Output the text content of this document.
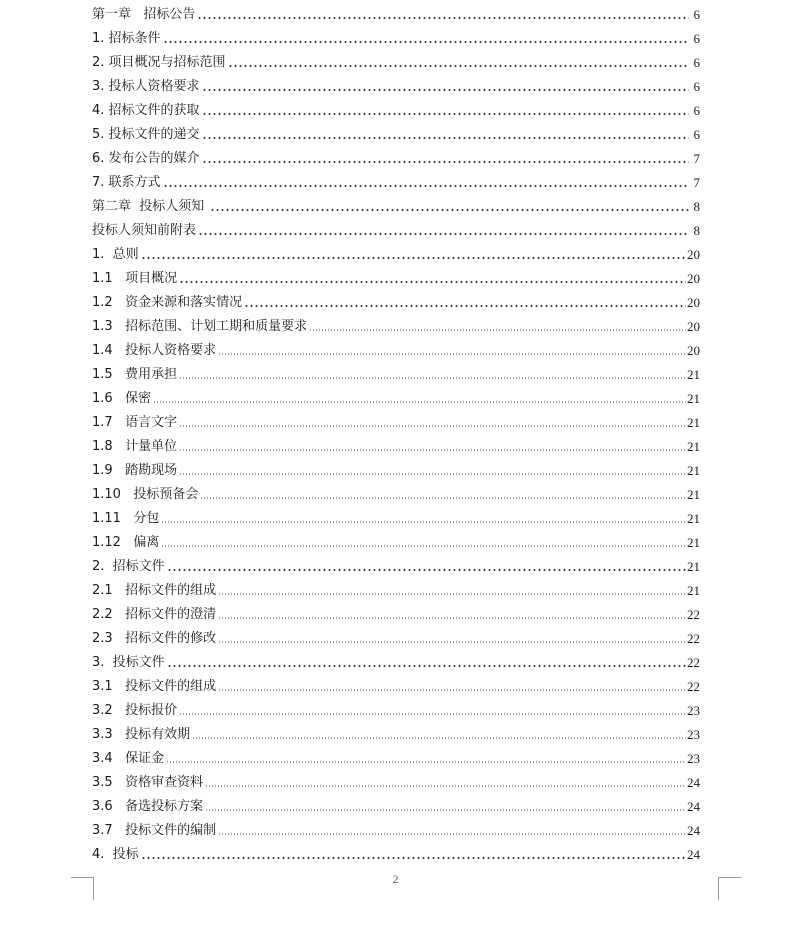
第一章   招标公告	6
1. 招标条件	6
2. 项目概况与招标范围	6
3. 投标人资格要求	6
4. 招标文件的获取	6
5. 投标文件的递交	6
6. 发布公告的媒介	7
7. 联系方式	7
第二章  投标人须知	8
投标人须知前附表	8
1.  总则	20
1.1   项目概况	20
1.2   资金来源和落实情况	20
1.3   招标范围、计划工期和质量要求	20
1.4   投标人资格要求	20
1.5   费用承担	21
1.6   保密	21
1.7   语言文字	21
1.8   计量单位	21
1.9   踏勘现场	21
1.10   投标预备会	21
1.11   分包	21
1.12   偏离	21
2.  招标文件	21
2.1   招标文件的组成	21
2.2   招标文件的澄清	22
2.3   招标文件的修改	22
3.  投标文件	22
3.1   投标文件的组成	22
3.2   投标报价	23
3.3   投标有效期	23
3.4   保证金	23
3.5   资格审查资料	24
3.6   备选投标方案	24
3.7   投标文件的编制	24
4.  投标	24
2
